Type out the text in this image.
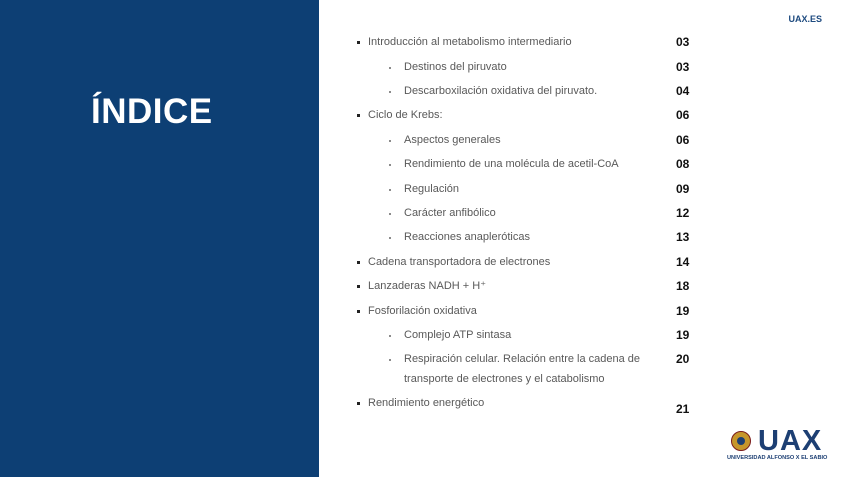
ÍNDICE
UAX.ES
Introducción al metabolismo intermediario	03
Destinos del piruvato	03
Descarboxilación oxidativa del piruvato.	04
Ciclo de Krebs:	06
Aspectos generales	06
Rendimiento de una molécula de acetil-CoA	08
Regulación	09
Carácter anfibólico	12
Reacciones anapleróticas	13
Cadena transportadora de electrones	14
Lanzaderas NADH + H⁺	18
Fosforilación oxidativa	19
Complejo ATP sintasa	19
Respiración celular. Relación entre la cadena de
transporte de electrones y el catabolismo
20
Rendimiento energético	21
UAX
UNIVERSIDAD ALFONSO X EL SABIO
